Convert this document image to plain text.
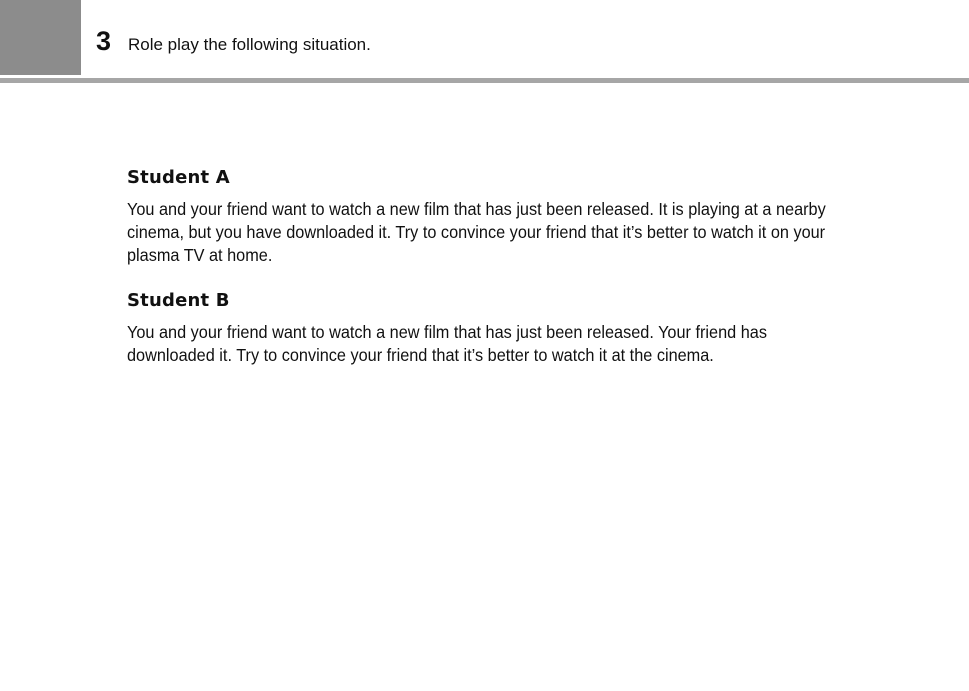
3 Role play the following situation.
Student A
You and your friend want to watch a new film that has just been released. It is playing at a nearby cinema, but you have downloaded it. Try to convince your friend that it’s better to watch it on your plasma TV at home.
Student B
You and your friend want to watch a new film that has just been released. Your friend has downloaded it. Try to convince your friend that it’s better to watch it at the cinema.
